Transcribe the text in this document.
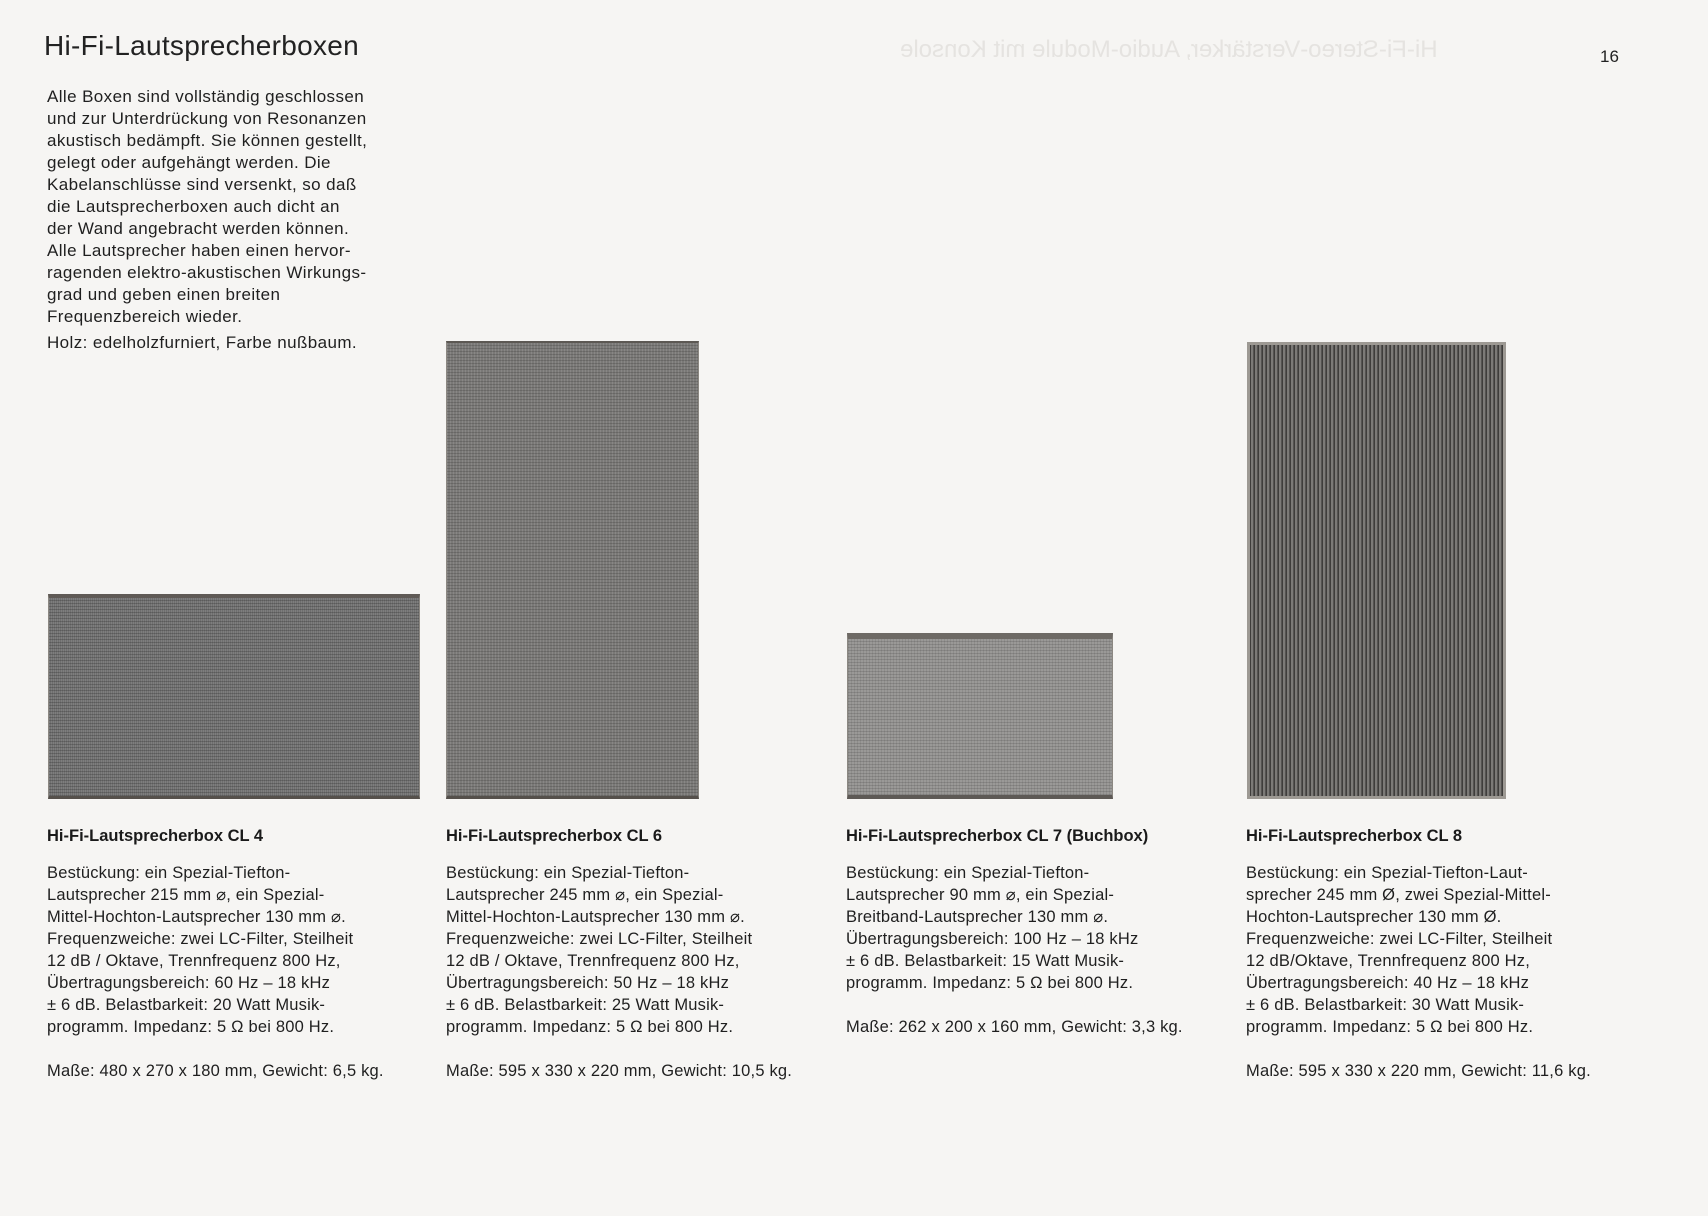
Hi-Fi-Stereo-Verstärker, Audio-Module mit Konsole
Hi-Fi-Lautsprecherboxen	16

Alle Boxen sind vollständig geschlossen
und zur Unterdrückung von Resonanzen
akustisch bedämpft. Sie können gestellt,
gelegt oder aufgehängt werden. Die
Kabelanschlüsse sind versenkt, so daß
die Lautsprecherboxen auch dicht an
der Wand angebracht werden können.
Alle Lautsprecher haben einen hervor-
ragenden elektro-akustischen Wirkungs-
grad und geben einen breiten
Frequenzbereich wieder.

Holz: edelholzfurniert, Farbe nußbaum.

Hi-Fi-Lautsprecherbox CL 4

Bestückung: ein Spezial-Tiefton-
Lautsprecher 215 mm ⌀, ein Spezial-
Mittel-Hochton-Lautsprecher 130 mm ⌀.
Frequenzweiche: zwei LC-Filter, Steilheit
12 dB / Oktave, Trennfrequenz 800 Hz,
Übertragungsbereich: 60 Hz – 18 kHz
± 6 dB. Belastbarkeit: 20 Watt Musik-
programm. Impedanz: 5 Ω bei 800 Hz.

Maße: 480 x 270 x 180 mm, Gewicht: 6,5 kg.

Hi-Fi-Lautsprecherbox CL 6

Bestückung: ein Spezial-Tiefton-
Lautsprecher 245 mm ⌀, ein Spezial-
Mittel-Hochton-Lautsprecher 130 mm ⌀.
Frequenzweiche: zwei LC-Filter, Steilheit
12 dB / Oktave, Trennfrequenz 800 Hz,
Übertragungsbereich: 50 Hz – 18 kHz
± 6 dB. Belastbarkeit: 25 Watt Musik-
programm. Impedanz: 5 Ω bei 800 Hz.

Maße: 595 x 330 x 220 mm, Gewicht: 10,5 kg.

Hi-Fi-Lautsprecherbox CL 7 (Buchbox)

Bestückung: ein Spezial-Tiefton-
Lautsprecher 90 mm ⌀, ein Spezial-
Breitband-Lautsprecher 130 mm ⌀.
Übertragungsbereich: 100 Hz – 18 kHz
± 6 dB. Belastbarkeit: 15 Watt Musik-
programm. Impedanz: 5 Ω bei 800 Hz.

Maße: 262 x 200 x 160 mm, Gewicht: 3,3 kg.

Hi-Fi-Lautsprecherbox CL 8

Bestückung: ein Spezial-Tiefton-Laut-
sprecher 245 mm Ø, zwei Spezial-Mittel-
Hochton-Lautsprecher 130 mm Ø.
Frequenzweiche: zwei LC-Filter, Steilheit
12 dB/Oktave, Trennfrequenz 800 Hz,
Übertragungsbereich: 40 Hz – 18 kHz
± 6 dB. Belastbarkeit: 30 Watt Musik-
programm. Impedanz: 5 Ω bei 800 Hz.

Maße: 595 x 330 x 220 mm, Gewicht: 11,6 kg.
